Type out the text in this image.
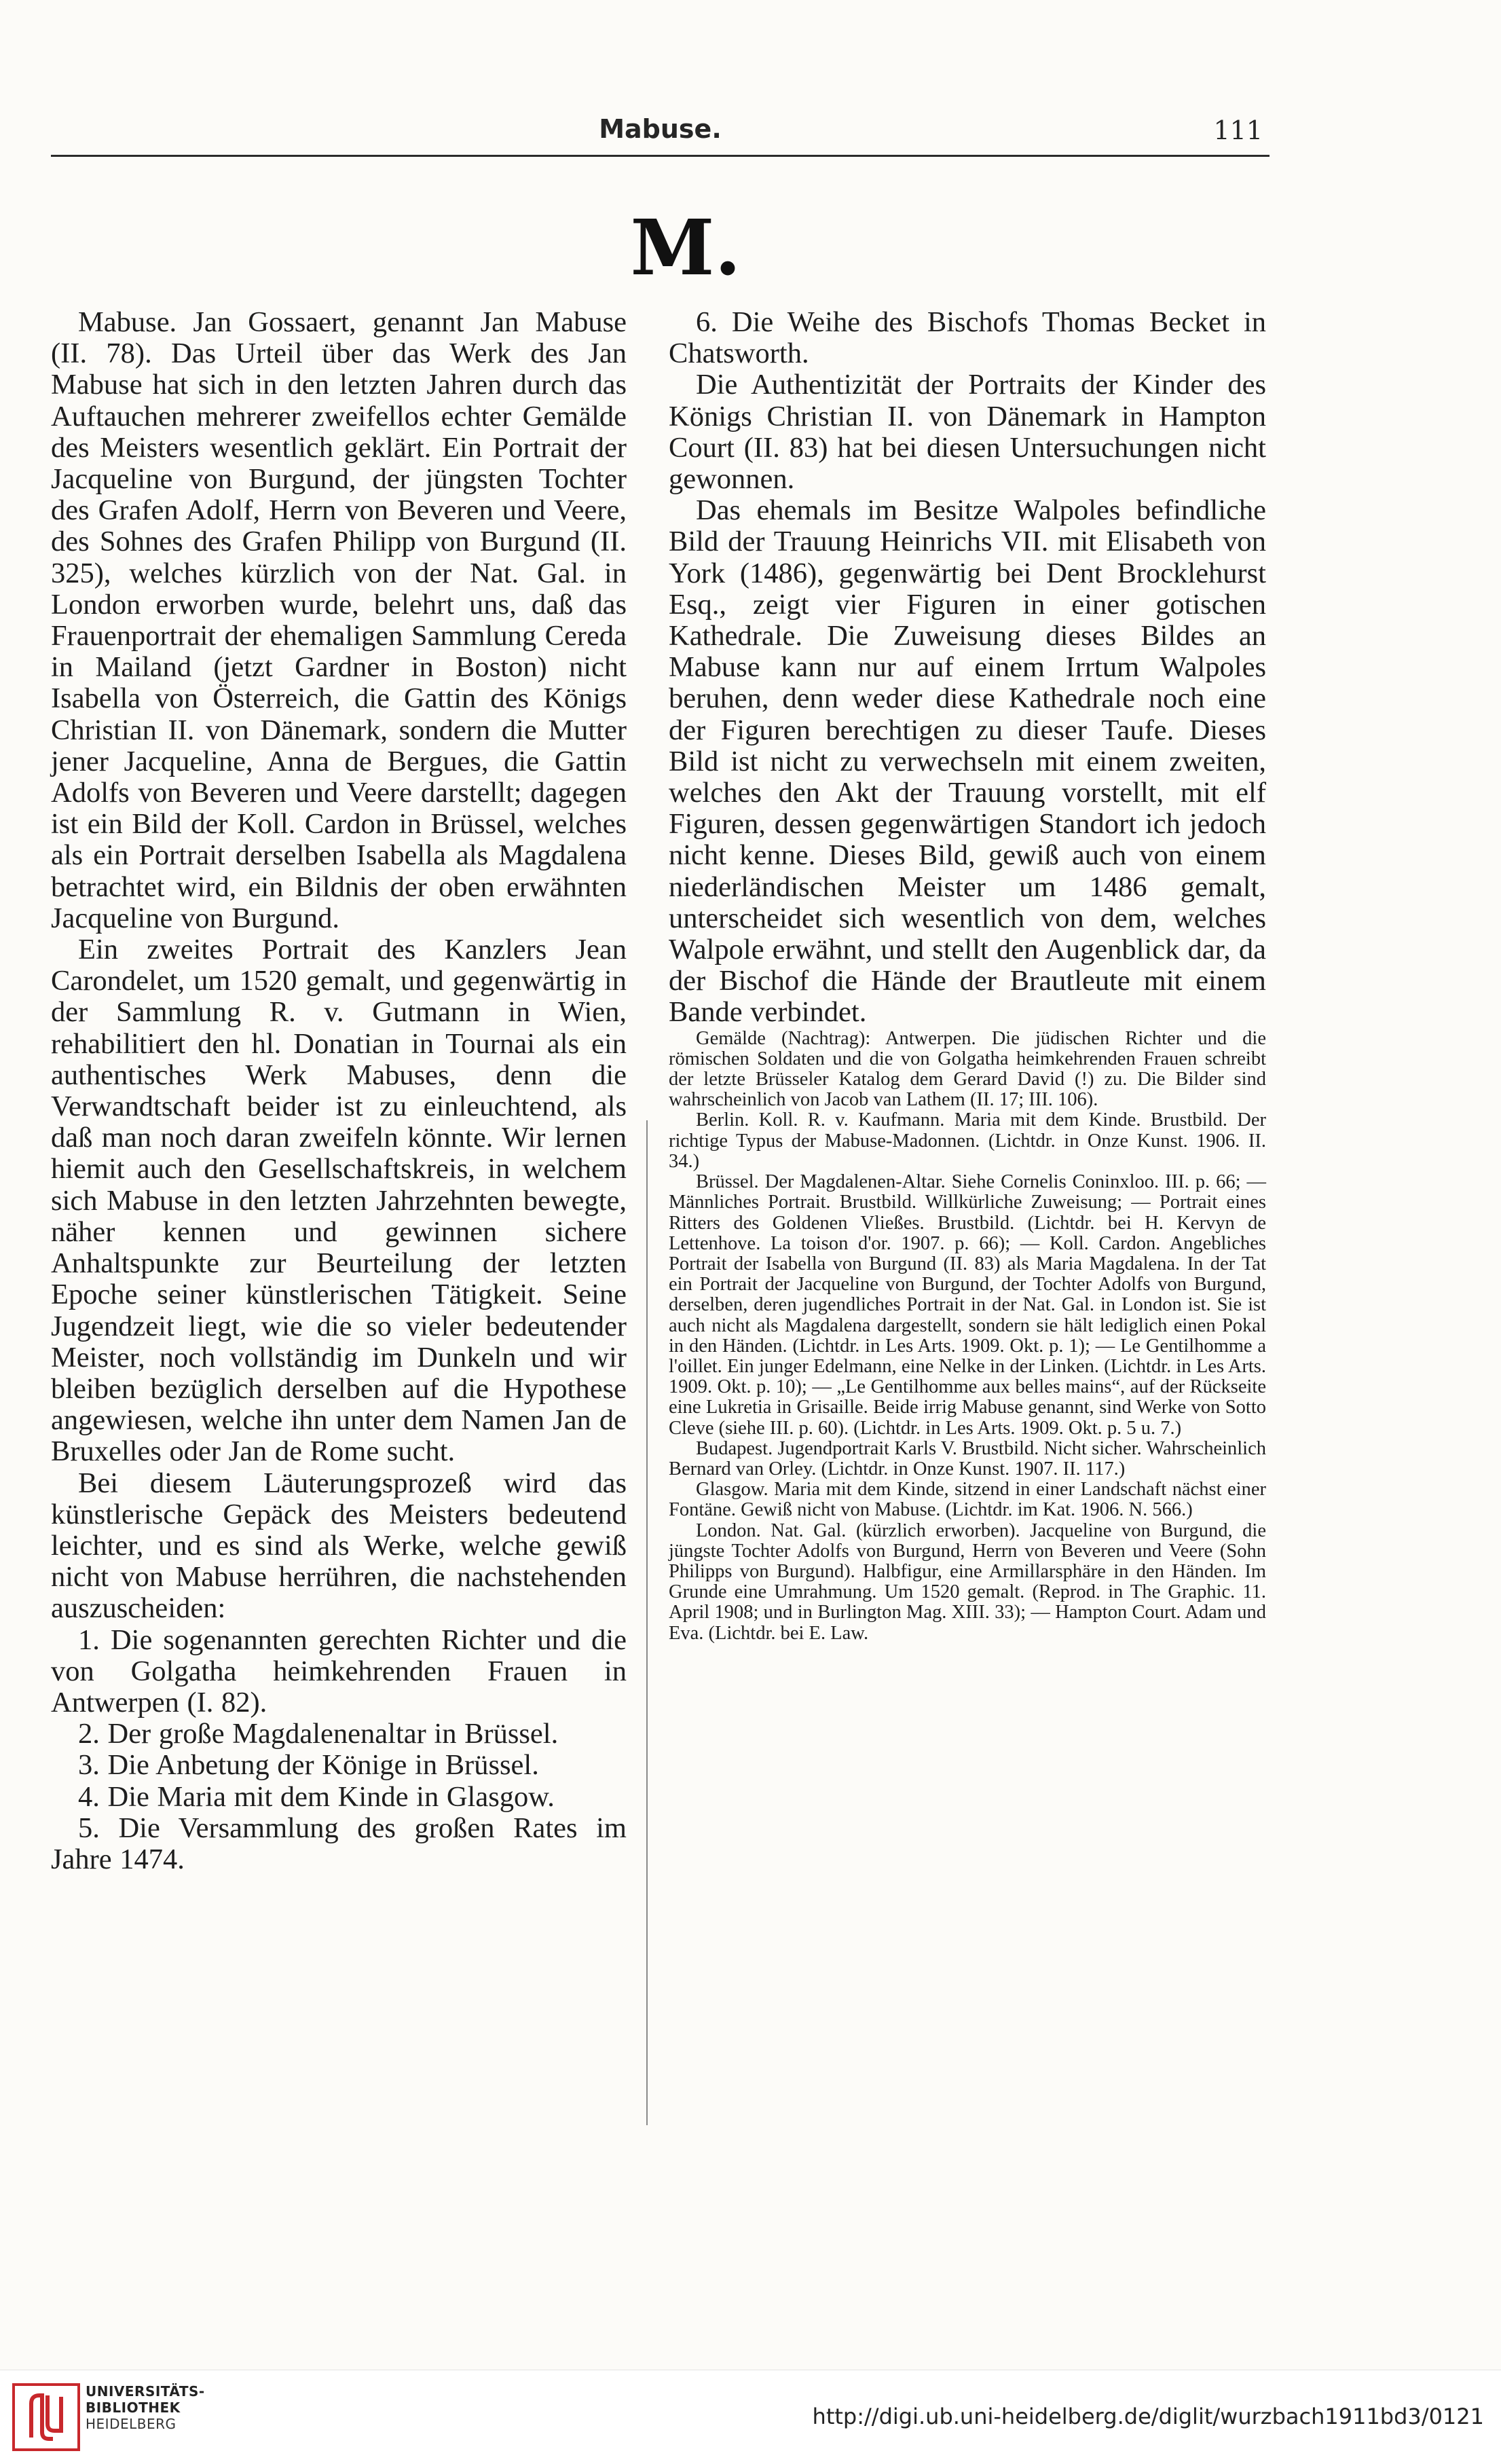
Mabuse.	111
M.

Mabuse. Jan Gossaert, genannt Jan Mabuse (II. 78). Das Urteil über das Werk des Jan Mabuse hat sich in den letzten Jahren durch das Auftauchen mehrerer zweifellos echter Gemälde des Meisters wesentlich geklärt. Ein Portrait der Jacqueline von Burgund, der jüngsten Tochter des Grafen Adolf, Herrn von Beveren und Veere, des Sohnes des Grafen Philipp von Burgund (II. 325), welches kürzlich von der Nat. Gal. in London erworben wurde, belehrt uns, daß das Frauenportrait der ehemaligen Sammlung Cereda in Mailand (jetzt Gardner in Boston) nicht Isabella von Österreich, die Gattin des Königs Christian II. von Dänemark, sondern die Mutter jener Jacqueline, Anna de Bergues, die Gattin Adolfs von Beveren und Veere darstellt; dagegen ist ein Bild der Koll. Cardon in Brüssel, welches als ein Portrait derselben Isabella als Magdalena betrachtet wird, ein Bildnis der oben erwähnten Jacqueline von Burgund.

Ein zweites Portrait des Kanzlers Jean Carondelet, um 1520 gemalt, und gegenwärtig in der Sammlung R. v. Gutmann in Wien, rehabilitiert den hl. Donatian in Tournai als ein authentisches Werk Mabuses, denn die Verwandtschaft beider ist zu einleuchtend, als daß man noch daran zweifeln könnte. Wir lernen hiemit auch den Gesellschaftskreis, in welchem sich Mabuse in den letzten Jahrzehnten bewegte, näher kennen und gewinnen sichere Anhaltspunkte zur Beurteilung der letzten Epoche seiner künstlerischen Tätigkeit. Seine Jugendzeit liegt, wie die so vieler bedeutender Meister, noch vollständig im Dunkeln und wir bleiben bezüglich derselben auf die Hypothese angewiesen, welche ihn unter dem Namen Jan de Bruxelles oder Jan de Rome sucht.

Bei diesem Läuterungsprozeß wird das künstlerische Gepäck des Meisters bedeutend leichter, und es sind als Werke, welche gewiß nicht von Mabuse herrühren, die nachstehenden auszuscheiden:

1. Die sogenannten gerechten Richter und die von Golgatha heimkehrenden Frauen in Antwerpen (I. 82).

2. Der große Magdalenenaltar in Brüssel.

3. Die Anbetung der Könige in Brüssel.

4. Die Maria mit dem Kinde in Glasgow.

5. Die Versammlung des großen Rates im Jahre 1474.

6. Die Weihe des Bischofs Thomas Becket in Chatsworth.

Die Authentizität der Portraits der Kinder des Königs Christian II. von Dänemark in Hampton Court (II. 83) hat bei diesen Untersuchungen nicht gewonnen.

Das ehemals im Besitze Walpoles befindliche Bild der Trauung Heinrichs VII. mit Elisabeth von York (1486), gegenwärtig bei Dent Brocklehurst Esq., zeigt vier Figuren in einer gotischen Kathedrale. Die Zuweisung dieses Bildes an Mabuse kann nur auf einem Irrtum Walpoles beruhen, denn weder diese Kathedrale noch eine der Figuren berechtigen zu dieser Taufe. Dieses Bild ist nicht zu verwechseln mit einem zweiten, welches den Akt der Trauung vorstellt, mit elf Figuren, dessen gegenwärtigen Standort ich jedoch nicht kenne. Dieses Bild, gewiß auch von einem niederländischen Meister um 1486 gemalt, unterscheidet sich wesentlich von dem, welches Walpole erwähnt, und stellt den Augenblick dar, da der Bischof die Hände der Brautleute mit einem Bande verbindet.

Gemälde (Nachtrag): Antwerpen. Die jüdischen Richter und die römischen Soldaten und die von Golgatha heimkehrenden Frauen schreibt der letzte Brüsseler Katalog dem Gerard David (!) zu. Die Bilder sind wahrscheinlich von Jacob van Lathem (II. 17; III. 106).

Berlin. Koll. R. v. Kaufmann. Maria mit dem Kinde. Brustbild. Der richtige Typus der Mabuse-Madonnen. (Lichtdr. in Onze Kunst. 1906. II. 34.)

Brüssel. Der Magdalenen-Altar. Siehe Cornelis Coninxloo. III. p. 66; — Männliches Portrait. Brustbild. Willkürliche Zuweisung; — Portrait eines Ritters des Goldenen Vließes. Brustbild. (Lichtdr. bei H. Kervyn de Lettenhove. La toison d'or. 1907. p. 66); — Koll. Cardon. Angebliches Portrait der Isabella von Burgund (II. 83) als Maria Magdalena. In der Tat ein Portrait der Jacqueline von Burgund, der Tochter Adolfs von Burgund, derselben, deren jugendliches Portrait in der Nat. Gal. in London ist. Sie ist auch nicht als Magdalena dargestellt, sondern sie hält lediglich einen Pokal in den Händen. (Lichtdr. in Les Arts. 1909. Okt. p. 1); — Le Gentilhomme a l'oillet. Ein junger Edelmann, eine Nelke in der Linken. (Lichtdr. in Les Arts. 1909. Okt. p. 10); — „Le Gentilhomme aux belles mains“, auf der Rückseite eine Lukretia in Grisaille. Beide irrig Mabuse genannt, sind Werke von Sotto Cleve (siehe III. p. 60). (Lichtdr. in Les Arts. 1909. Okt. p. 5 u. 7.)

Budapest. Jugendportrait Karls V. Brustbild. Nicht sicher. Wahrscheinlich Bernard van Orley. (Lichtdr. in Onze Kunst. 1907. II. 117.)

Glasgow. Maria mit dem Kinde, sitzend in einer Landschaft nächst einer Fontäne. Gewiß nicht von Mabuse. (Lichtdr. im Kat. 1906. N. 566.)

London. Nat. Gal. (kürzlich erworben). Jacqueline von Burgund, die jüngste Tochter Adolfs von Burgund, Herrn von Beveren und Veere (Sohn Philipps von Burgund). Halbfigur, eine Armillarsphäre in den Händen. Im Grunde eine Umrahmung. Um 1520 gemalt. (Reprod. in The Graphic. 11. April 1908; und in Burlington Mag. XIII. 33); — Hampton Court. Adam und Eva. (Lichtdr. bei E. Law.

UNIVERSITÄTS-
BIBLIOTHEK
HEIDELBERG	http://digi.ub.uni-heidelberg.de/diglit/wurzbach1911bd3/0121
